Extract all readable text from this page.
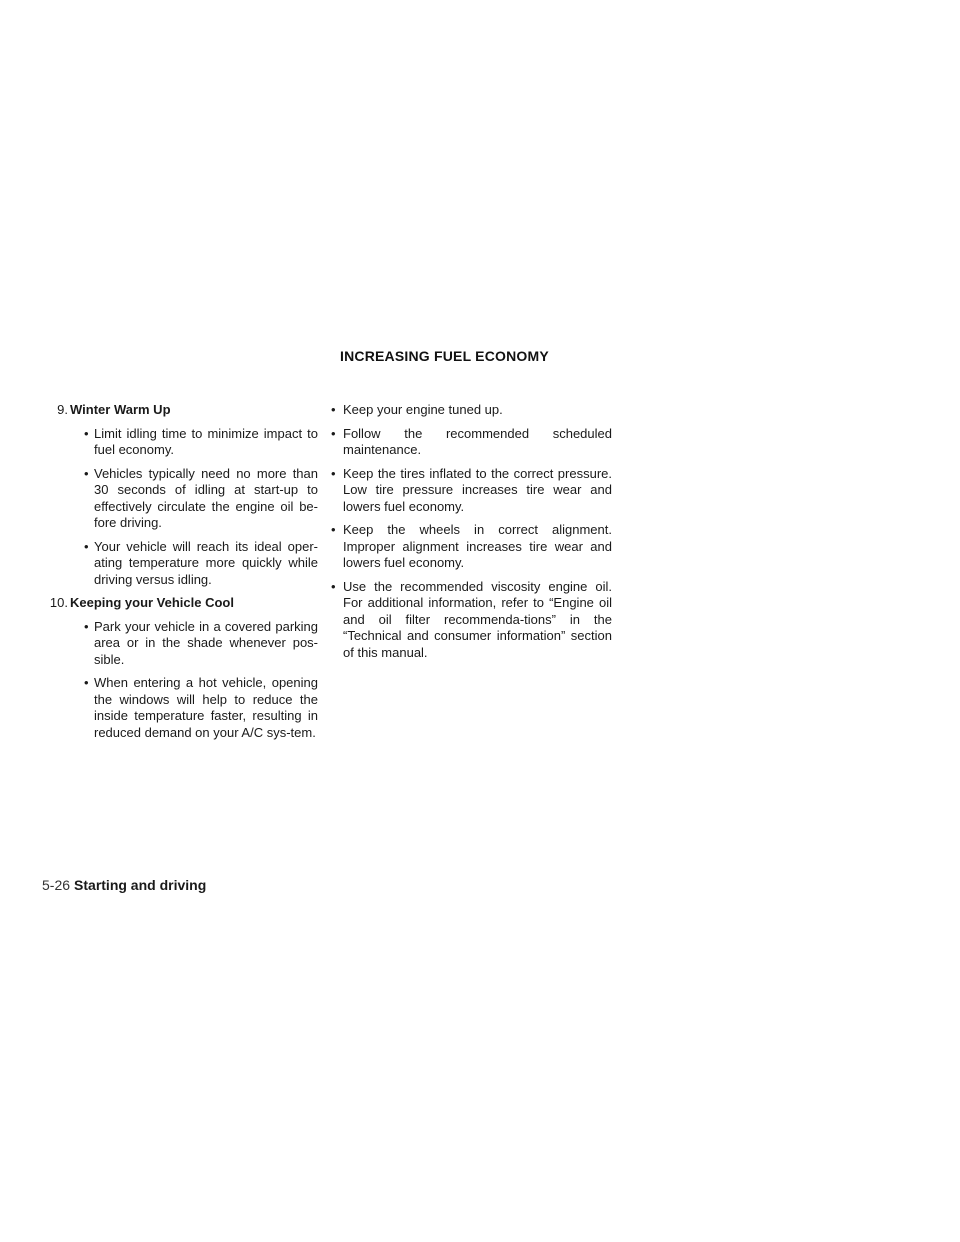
INCREASING FUEL ECONOMY
9. Winter Warm Up
• Limit idling time to minimize impact to fuel economy.
• Vehicles typically need no more than 30 seconds of idling at start-up to effectively circulate the engine oil be-fore driving.
• Your vehicle will reach its ideal oper-ating temperature more quickly while driving versus idling.
10. Keeping your Vehicle Cool
• Park your vehicle in a covered parking area or in the shade whenever pos-sible.
• When entering a hot vehicle, opening the windows will help to reduce the inside temperature faster, resulting in reduced demand on your A/C sys-tem.
• Keep your engine tuned up.
• Follow the recommended scheduled maintenance.
• Keep the tires inflated to the correct pressure. Low tire pressure increases tire wear and lowers fuel economy.
• Keep the wheels in correct alignment. Improper alignment increases tire wear and lowers fuel economy.
• Use the recommended viscosity engine oil. For additional information, refer to “Engine oil and oil filter recommenda-tions” in the “Technical and consumer information” section of this manual.
5-26 Starting and driving
